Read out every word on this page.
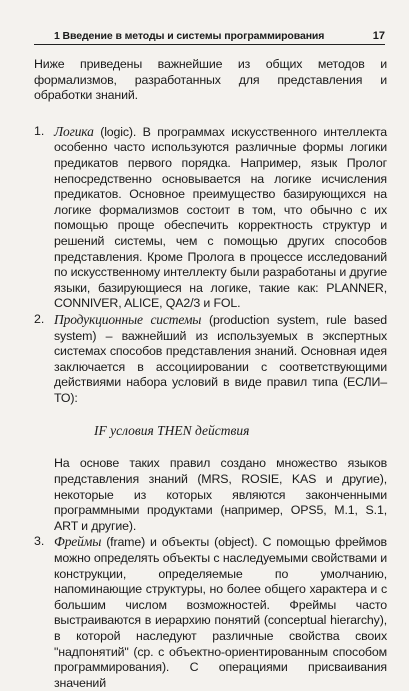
1 Введение в методы и системы программирования	17

Ниже приведены важнейшие из общих методов и формализмов, разработанных для представления и обработки знаний.

1. Логика (logic). В программах искусственного интеллекта особенно часто используются различные формы логики предикатов первого порядка. Например, язык Пролог непосредственно основывается на логике исчисления предикатов. Основное преимущество базирующихся на логике формализмов состоит в том, что обычно с их помощью проще обеспечить корректность структур и решений системы, чем с помощью других способов представления. Кроме Пролога в процессе исследований по искусственному интеллекту были разработаны и другие языки, базирующиеся на логике, такие как: PLANNER, CONNIVER, ALICE, QA2/3 и FOL.

2. Продукционные системы (production system, rule based system) – важнейший из используемых в экспертных системах способов представления знаний. Основная идея заключается в ассоциировании с соответствующими действиями набора условий в виде правил типа (ЕСЛИ–ТО):

IF условия THEN действия

На основе таких правил создано множество языков представления знаний (MRS, ROSIE, KAS и другие), некоторые из которых являются законченными программными продуктами (например, OPS5, M.1, S.1, ART и другие).

3. Фреймы (frame) и объекты (object). С помощью фреймов можно определять объекты с наследуемыми свойствами и конструкции, определяемые по умолчанию, напоминающие структуры, но более общего характера и с большим числом возможностей. Фреймы часто выстраиваются в иерархию понятий (conceptual hierarchy), в которой наследуют различные свойства своих "надпонятий" (ср. с объектно-ориентированным способом программирования). С операциями присваивания значений
